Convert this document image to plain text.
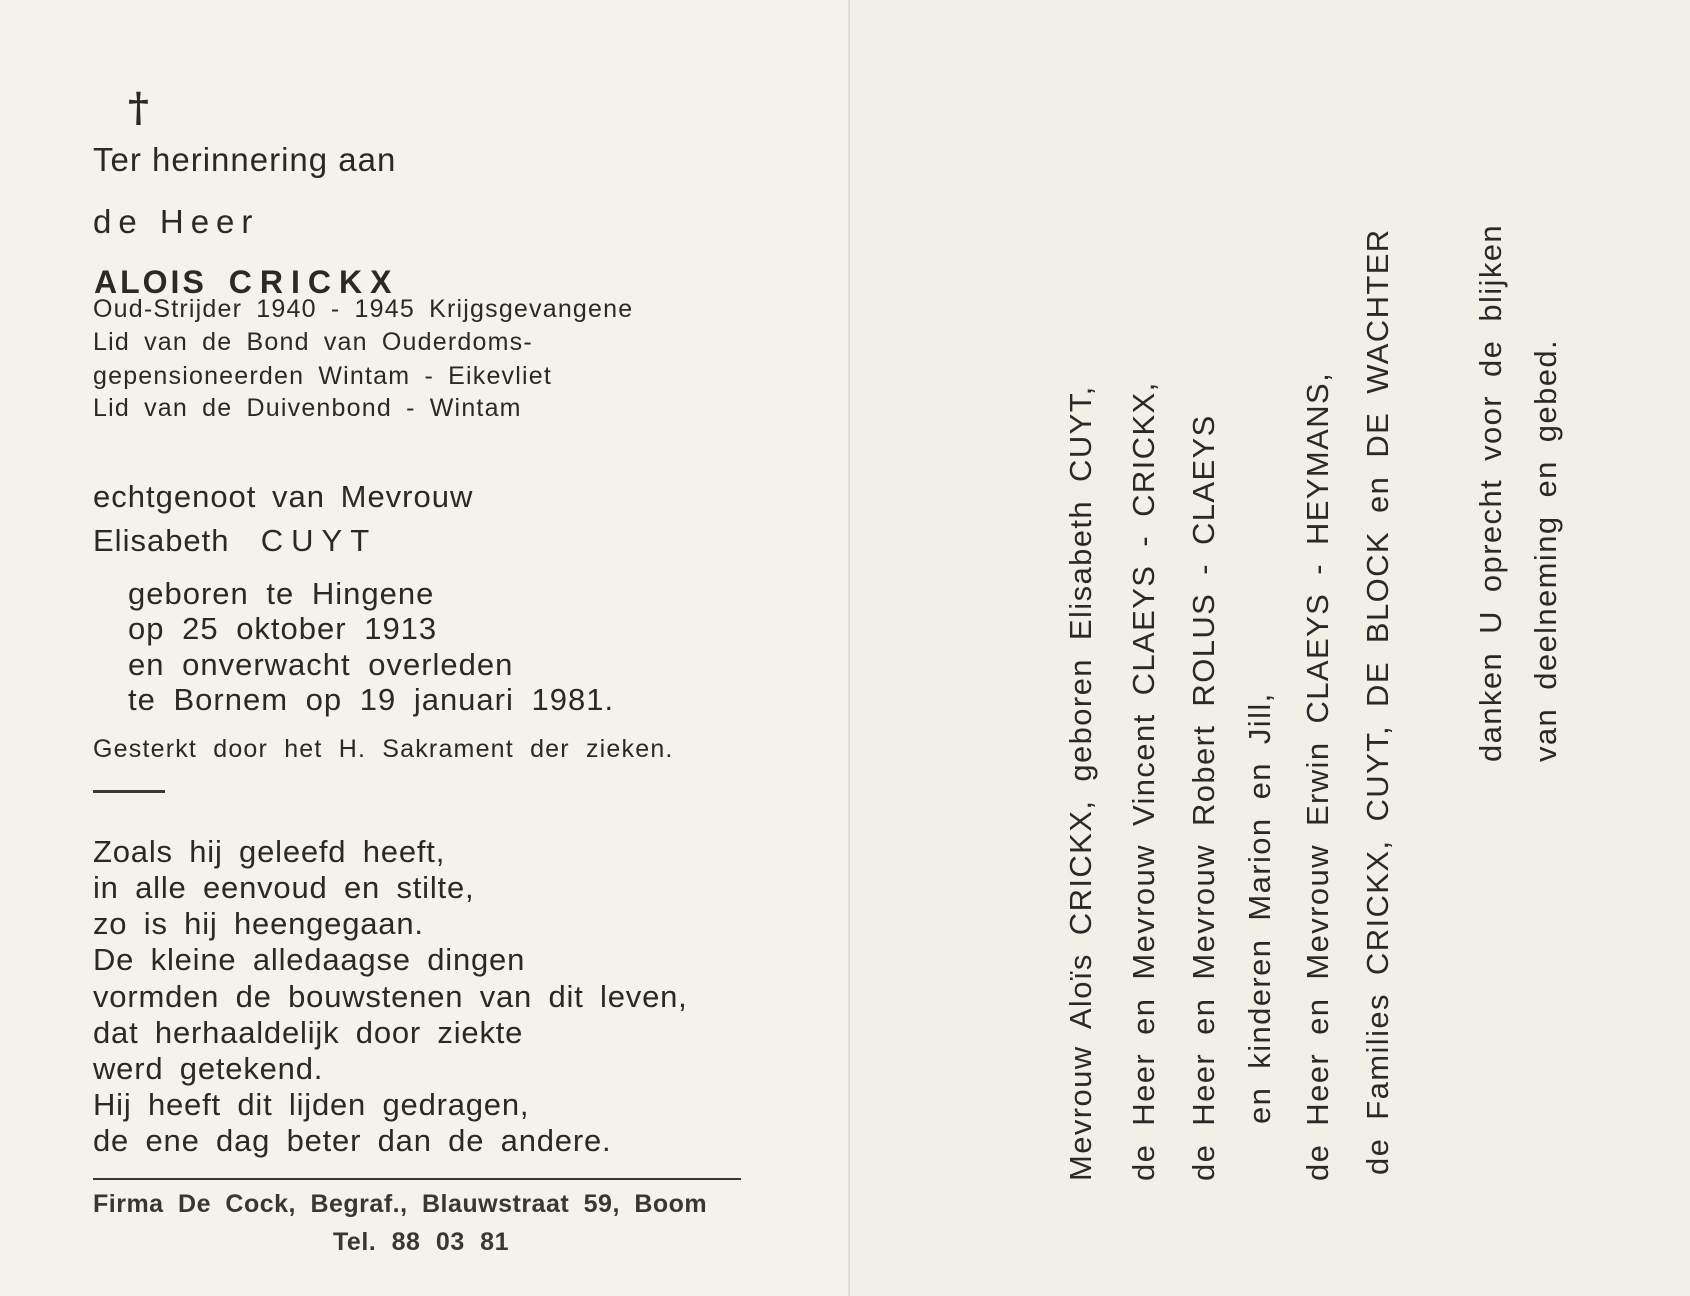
†
Ter herinnering aan
de Heer
ALOIS CRICKX
Oud-Strijder 1940 - 1945 Krijgsgevangene
Lid van de Bond van Ouderdoms-
gepensioneerden Wintam - Eikevliet
Lid van de Duivenbond - Wintam
echtgenoot van Mevrouw
Elisabeth CUYT
geboren te Hingene
op 25 oktober 1913
en onverwacht overleden
te Bornem op 19 januari 1981.
Gesterkt door het H. Sakrament der zieken.
Zoals hij geleefd heeft,
in alle eenvoud en stilte,
zo is hij heengegaan.
De kleine alledaagse dingen
vormden de bouwstenen van dit leven,
dat herhaaldelijk door ziekte
werd getekend.
Hij heeft dit lijden gedragen,
de ene dag beter dan de andere.
Firma De Cock, Begraf., Blauwstraat 59, Boom
Tel. 88 03 81
Mevrouw Aloïs CRICKX, geboren Elisabeth CUYT, de Heer en Mevrouw Vincent CLAEYS - CRICKX, de Heer en Mevrouw Robert ROLUS - CLAEYS en kinderen Marion en Jill, de Heer en Mevrouw Erwin CLAEYS - HEYMANS, de Families CRICKX, CUYT, DE BLOCK en DE WACHTER	danken U oprecht voor de blijken van deelneming en gebed.
